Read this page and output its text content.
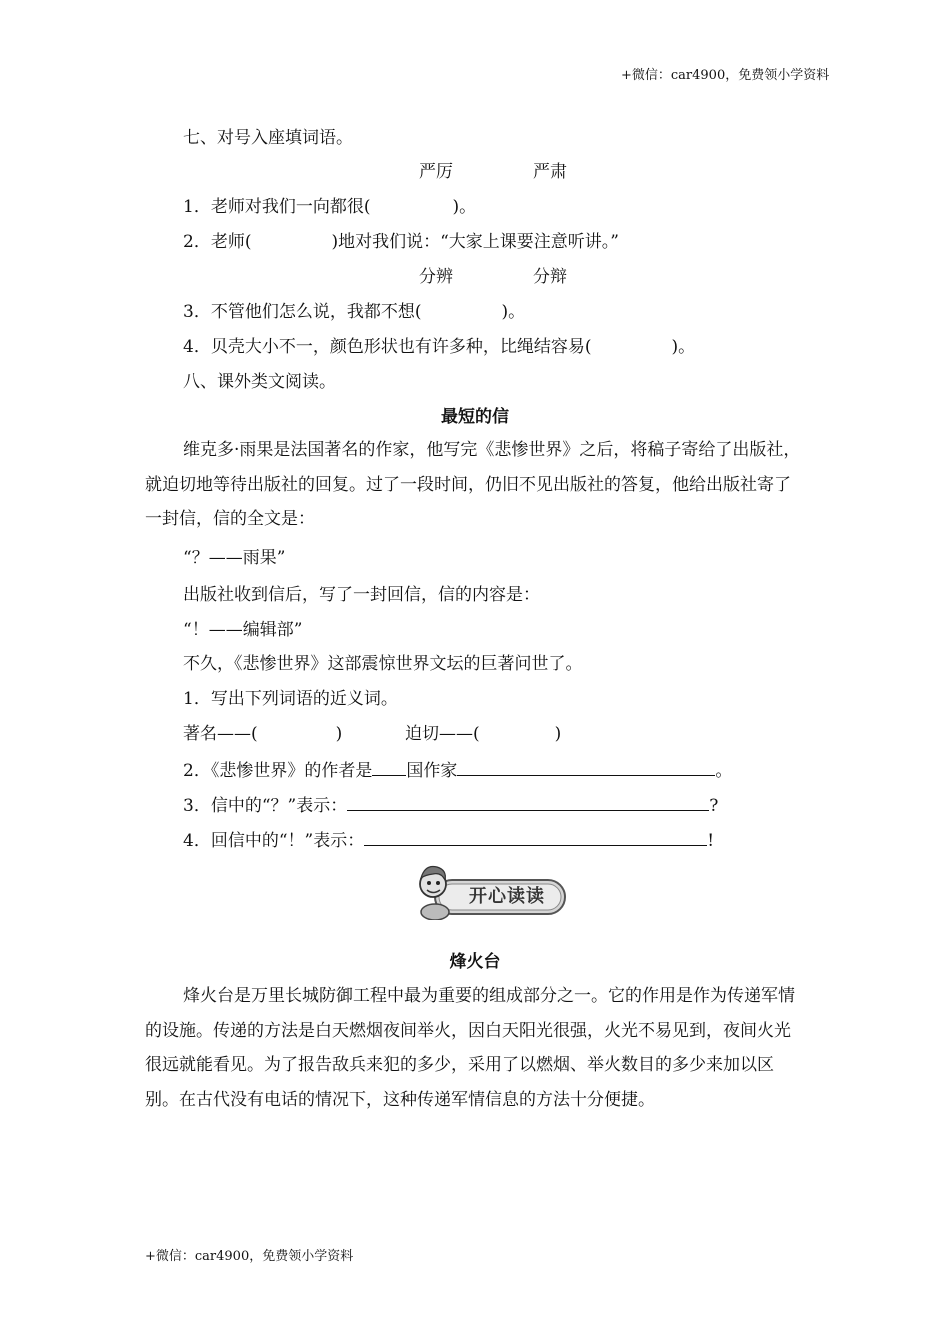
+微信：car4900，免费领小学资料
七、对号入座填词语。
严厉	严肃
1．老师对我们一向都很(	)。
2．老师(	)地对我们说：“大家上课要注意听讲。”
分辨	分辩
3．不管他们怎么说，我都不想(	)。
4．贝壳大小不一，颜色形状也有许多种，比绳结容易(	)。
八、课外类文阅读。
最短的信
维克多·雨果是法国著名的作家，他写完《悲惨世界》之后，将稿子寄给了出版社，就迫切地等待出版社的回复。过了一段时间，仍旧不见出版社的答复，他给出版社寄了一封信，信的全文是：
“？——雨果”
出版社收到信后，写了一封回信，信的内容是：
“！——编辑部”
不久，《悲惨世界》这部震惊世界文坛的巨著问世了。
1．写出下列词语的近义词。
著名——(	)	迫切——(	)
2．《悲惨世界》的作者是 国作家	。
3．信中的“？”表示：	?
4．回信中的“！”表示：	!
开心读读
烽火台
烽火台是万里长城防御工程中最为重要的组成部分之一。它的作用是作为传递军情的设施。传递的方法是白天燃烟夜间举火，因白天阳光很强，火光不易见到，夜间火光很远就能看见。为了报告敌兵来犯的多少，采用了以燃烟、举火数目的多少来加以区别。在古代没有电话的情况下，这种传递军情信息的方法十分便捷。
+微信：car4900，免费领小学资料
